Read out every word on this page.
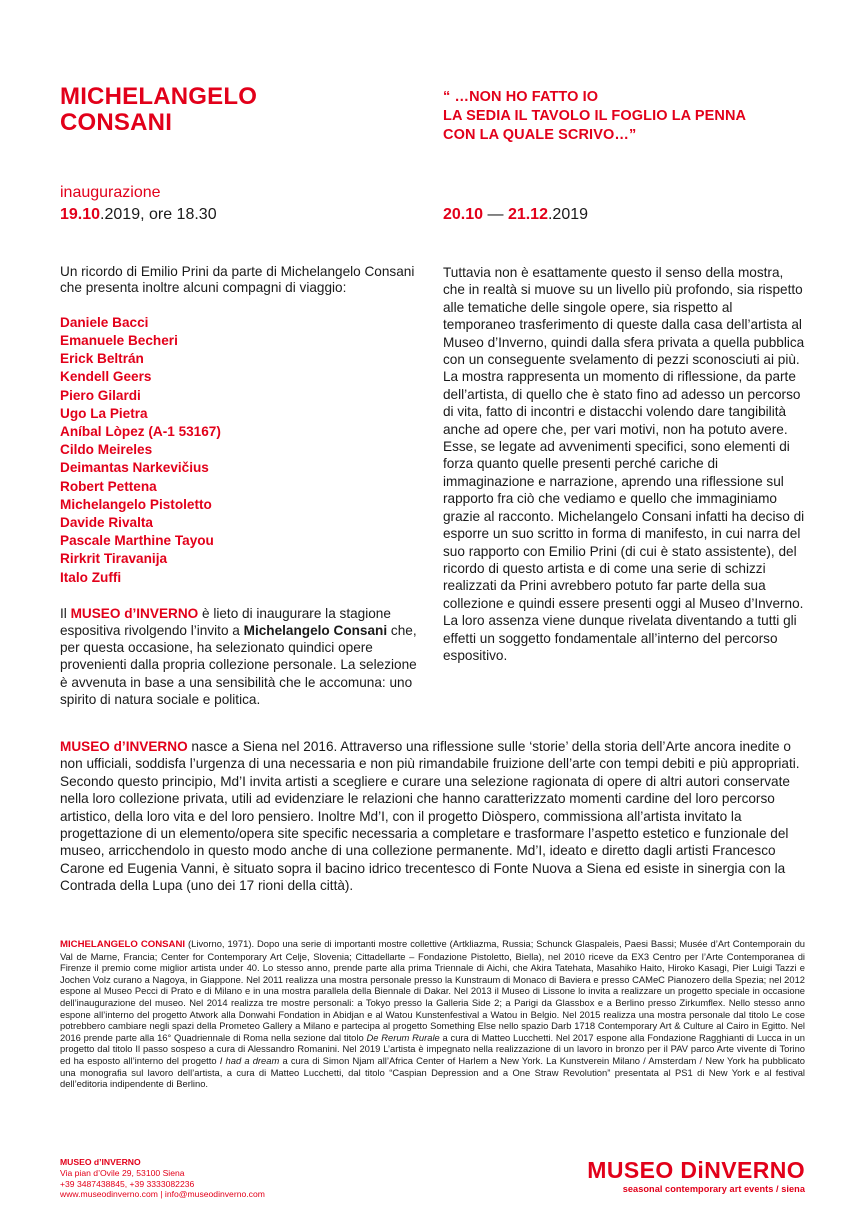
MICHELANGELO
CONSANI
“ …NON HO FATTO IO
LA SEDIA IL TAVOLO IL FOGLIO LA PENNA
CON LA QUALE SCRIVO…”
inaugurazione
19.10.2019, ore 18.30	20.10 — 21.12.2019
Un ricordo di Emilio Prini da parte di Michelangelo Consani che presenta inoltre alcuni compagni di viaggio:
Daniele Bacci
Emanuele Becheri
Erick Beltrán
Kendell Geers
Piero Gilardi
Ugo La Pietra
Aníbal Lòpez (A-1 53167)
Cildo Meireles
Deimantas Narkevičius
Robert Pettena
Michelangelo Pistoletto
Davide Rivalta
Pascale Marthine Tayou
Rirkrit Tiravanija
Italo Zuffi
Il MUSEO d’INVERNO è lieto di inaugurare la stagione espositiva rivolgendo l’invito a Michelangelo Consani che, per questa occasione, ha selezionato quindici opere provenienti dalla propria collezione personale. La selezione è avvenuta in base a una sensibilità che le accomuna: uno spirito di natura sociale e politica.

Tuttavia non è esattamente questo il senso della mostra, che in realtà si muove su un livello più profondo, sia rispetto alle tematiche delle singole opere, sia rispetto al temporaneo trasferimento di queste dalla casa dell’artista al Museo d’Inverno, quindi dalla sfera privata a quella pubblica con un conseguente svelamento di pezzi sconosciuti ai più. La mostra rappresenta un momento di riflessione, da parte dell’artista, di quello che è stato fino ad adesso un percorso di vita, fatto di incontri e distacchi volendo dare tangibilità anche ad opere che, per vari motivi, non ha potuto avere. Esse, se legate ad avvenimenti specifici, sono elementi di forza quanto quelle presenti perché cariche di immaginazione e narrazione, aprendo una riflessione sul rapporto fra ciò che vediamo e quello che immaginiamo grazie al racconto. Michelangelo Consani infatti ha deciso di esporre un suo scritto in forma di manifesto, in cui narra del suo rapporto con Emilio Prini (di cui è stato assistente), del ricordo di questo artista e di come una serie di schizzi realizzati da Prini avrebbero potuto far parte della sua collezione e quindi essere presenti oggi al Museo d’Inverno. La loro assenza viene dunque rivelata diventando a tutti gli effetti un soggetto fondamentale all’interno del percorso espositivo.

MUSEO d’INVERNO nasce a Siena nel 2016. Attraverso una riflessione sulle ‘storie’ della storia dell’Arte ancora inedite o non ufficiali, soddisfa l’urgenza di una necessaria e non più rimandabile fruizione dell’arte con tempi debiti e più appropriati. Secondo questo principio, Md’I invita artisti a scegliere e curare una selezione ragionata di opere di altri autori conservate nella loro collezione privata, utili ad evidenziare le relazioni che hanno caratterizzato momenti cardine del loro percorso artistico, della loro vita e del loro pensiero. Inoltre Md’I, con il progetto Diòspero, commissiona all’artista invitato la progettazione di un elemento/opera site specific necessaria a completare e trasformare l’aspetto estetico e funzionale del museo, arricchendolo in questo modo anche di una collezione permanente. Md’I, ideato e diretto dagli artisti Francesco Carone ed Eugenia Vanni, è situato sopra il bacino idrico trecentesco di Fonte Nuova a Siena ed esiste in sinergia con la Contrada della Lupa (uno dei 17 rioni della città).
MICHELANGELO CONSANI (Livorno, 1971). Dopo una serie di importanti mostre collettive (Artkliazma, Russia; Schunck Glaspaleis, Paesi Bassi; Musée d’Art Contemporain du Val de Marne, Francia; Center for Contemporary Art Celje, Slovenia; Cittadellarte – Fondazione Pistoletto, Biella), nel 2010 riceve da EX3 Centro per l’Arte Contemporanea di Firenze il premio come miglior artista under 40. Lo stesso anno, prende parte alla prima Triennale di Aichi, che Akira Tatehata, Masahiko Haito, Hiroko Kasagi, Pier Luigi Tazzi e Jochen Volz curano a Nagoya, in Giappone. Nel 2011 realizza una mostra personale presso la Kunstraum di Monaco di Baviera e presso CAMeC Pianozero della Spezia; nel 2012 espone al Museo Pecci di Prato e di Milano e in una mostra parallela della Biennale di Dakar. Nel 2013 il Museo di Lissone lo invita a realizzare un progetto speciale in occasione dell’inaugurazione del museo. Nel 2014 realizza tre mostre personali: a Tokyo presso la Galleria Side 2; a Parigi da Glassbox e a Berlino presso Zirkumflex. Nello stesso anno espone all’interno del progetto Atwork alla Donwahi Fondation in Abidjan e al Watou Kunstenfestival a Watou in Belgio. Nel 2015 realizza una mostra personale dal titolo Le cose potrebbero cambiare negli spazi della Prometeo Gallery a Milano e partecipa al progetto Something Else nello spazio Darb 1718 Contemporary Art & Culture al Cairo in Egitto. Nel 2016 prende parte alla 16° Quadriennale di Roma nella sezione dal titolo De Rerum Rurale a cura di Matteo Lucchetti. Nel 2017 espone alla Fondazione Ragghianti di Lucca in un progetto dal titolo Il passo sospeso a cura di Alessandro Romanini. Nel 2019 L’artista è impegnato nella realizzazione di un lavoro in bronzo per il PAV parco Arte vivente di Torino ed ha esposto all’interno del progetto I had a dream a cura di Simon Njam all’Africa Center of Harlem a New York. La Kunstverein Milano / Amsterdam / New York ha pubblicato una monografia sul lavoro dell’artista, a cura di Matteo Lucchetti, dal titolo “Caspian Depression and a One Straw Revolution” presentata al PS1 di New York e al festival dell’editoria indipendente di Berlino.
MUSEO d’INVERNO
Via pian d’Ovile 29, 53100 Siena
+39 3487438845, +39 3333082236
www.museodinverno.com | info@museodinverno.com
MUSEO DiNVERNO
seasonal contemporary art events / siena
